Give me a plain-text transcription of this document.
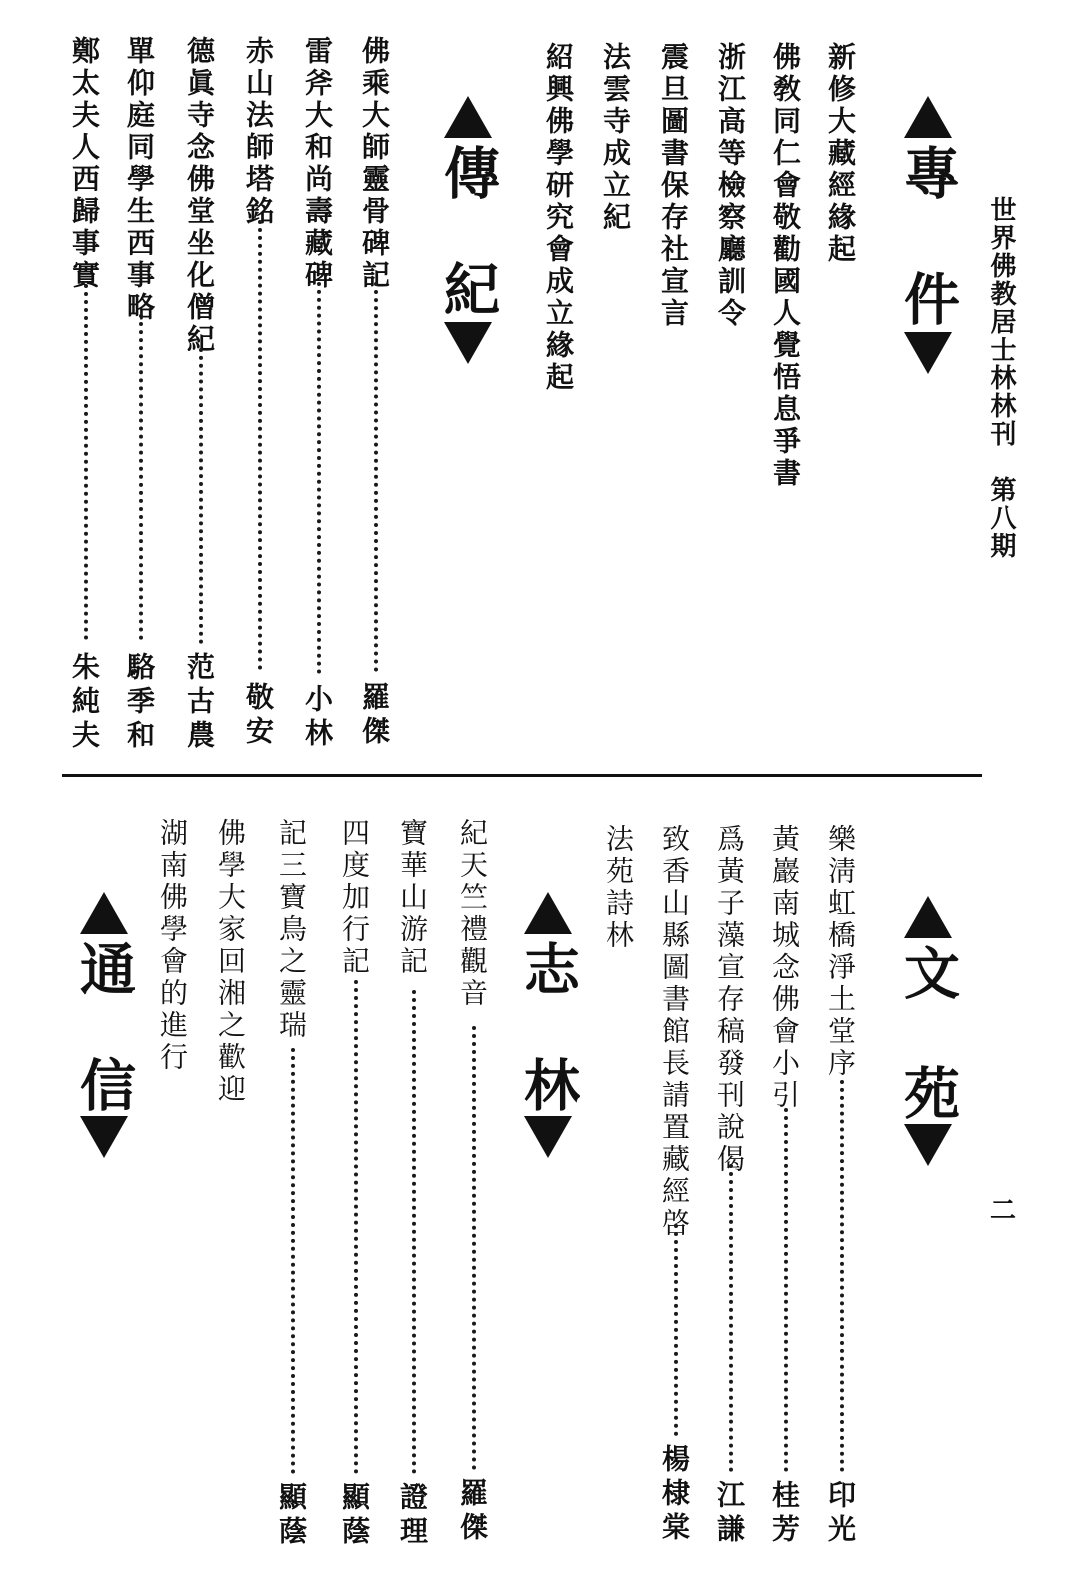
世界佛教居士林林刊　第八期
二
專
件
新修大藏經緣起
佛敎同仁會敬勸國人覺悟息爭書
浙江高等檢察廳訓令
震旦圖書保存社宣言
法雲寺成立紀
紹興佛學研究會成立緣起
傳
紀
佛乘大師靈骨碑記
羅傑
雷斧大和尚壽藏碑
小林
赤山法師塔銘
敬安
德眞寺念佛堂坐化僧紀
范古農
單仰庭同學生西事略
駱季和
鄭太夫人西歸事實
朱純夫
文
苑
樂淸虹橋淨土堂序
印光
黃巖南城念佛會小引
桂芳
爲黃子藻宣存稿發刊說偈
江謙
致香山縣圖書館長請置藏經啓
楊棣棠
法苑詩林
志
林
紀天竺禮觀音
羅傑
寶華山游記
證理
四度加行記
顯蔭
記三寶鳥之靈瑞
顯蔭
佛學大家回湘之歡迎
湖南佛學會的進行
通
信
